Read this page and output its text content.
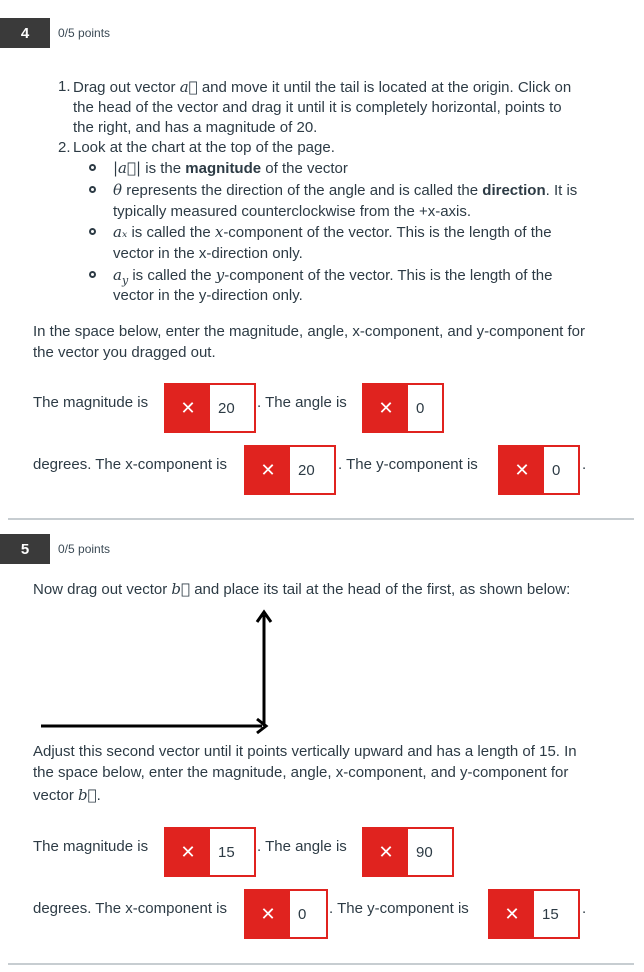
4 0/5 points
1. Drag out vector a⃗ and move it until the tail is located at the origin. Click on
the head of the vector and drag it until it is completely horizontal, points to
the right, and has a magnitude of 20.
2. Look at the chart at the top of the page.
|a⃗| is the magnitude of the vector
θ represents the direction of the angle and is called the direction. It is
typically measured counterclockwise from the +x-axis.
aₓ is called the x-component of the vector. This is the length of the
vector in the x-direction only.
$a_y$ is called the y-component of the vector. This is the length of the
vector in the y-direction only.
In the space below, enter the magnitude, angle, x-component, and y-component for
the vector you dragged out.
The magnitude is	✕	20	. The angle is	✕	0
degrees. The x-component is	✕	20	. The y-component is	✕	0	.
5 0/5 points
Now drag out vector b⃗ and place its tail at the head of the first, as shown below:
Adjust this second vector until it points vertically upward and has a length of 15. In
the space below, enter the magnitude, angle, x-component, and y-component for
vector b⃗.
The magnitude is	✕	15	. The angle is	✕	90
degrees. The x-component is	✕	0	. The y-component is	✕	15	.
